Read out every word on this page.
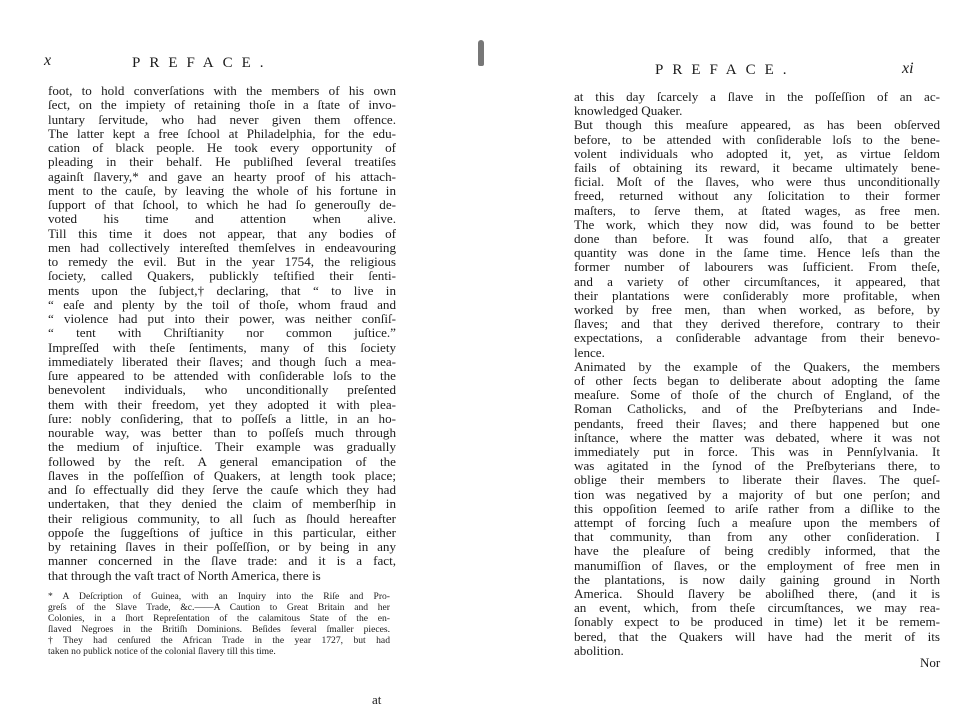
x	PREFACE.
foot, to hold converſations with the members of his own
ſect, on the impiety of retaining thoſe in a ſtate of invo-
luntary ſervitude, who had never given them offence.
The latter kept a free ſchool at Philadelphia, for the edu-
cation of black people. He took every opportunity of
pleading in their behalf. He publiſhed ſeveral treatiſes
againſt ſlavery,* and gave an hearty proof of his attach-
ment to the cauſe, by leaving the whole of his fortune in
ſupport of that ſchool, to which he had ſo generouſly de-
voted his time and attention when alive.
Till this time it does not appear, that any bodies of
men had collectively intereſted themſelves in endeavouring
to remedy the evil. But in the year 1754, the religious
ſociety, called Quakers, publickly teſtified their ſenti-
ments upon the ſubject,† declaring, that “ to live in
“ eaſe and plenty by the toil of thoſe, whom fraud and
“ violence had put into their power, was neither conſiſ-
“ tent with Chriſtianity nor common juſtice.”
Impreſſed with theſe ſentiments, many of this ſociety
immediately liberated their ſlaves; and though ſuch a mea-
ſure appeared to be attended with conſiderable loſs to the
benevolent individuals, who unconditionally preſented
them with their freedom, yet they adopted it with plea-
ſure: nobly conſidering, that to poſſeſs a little, in an ho-
nourable way, was better than to poſſeſs much through
the medium of injuſtice. Their example was gradually
followed by the reſt. A general emancipation of the
ſlaves in the poſſeſſion of Quakers, at length took place;
and ſo effectually did they ſerve the cauſe which they had
undertaken, that they denied the claim of memberſhip in
their religious community, to all ſuch as ſhould hereafter
oppoſe the ſuggeſtions of juſtice in this particular, either
by retaining ſlaves in their poſſeſſion, or by being in any
manner concerned in the ſlave trade: and it is a fact,
that through the vaſt tract of North America, there is
* A Deſcription of Guinea, with an Inquiry into the Riſe and Pro-
greſs of the Slave Trade, &c.——A Caution to Great Britain and her
Colonies, in a ſhort Repreſentation of the calamitous State of the en-
ſlaved Negroes in the Britiſh Dominions. Beſides ſeveral ſmaller pieces.
† They had cenſured the African Trade in the year 1727, but had
taken no publick notice of the colonial ſlavery till this time.
at
PREFACE.	xi
at this day ſcarcely a ſlave in the poſſeſſion of an ac-
knowledged Quaker.
But though this meaſure appeared, as has been obſerved
before, to be attended with conſiderable loſs to the bene-
volent individuals who adopted it, yet, as virtue ſeldom
fails of obtaining its reward, it became ultimately bene-
ficial. Moſt of the ſlaves, who were thus unconditionally
freed, returned without any ſolicitation to their former
maſters, to ſerve them, at ſtated wages, as free men.
The work, which they now did, was found to be better
done than before. It was found alſo, that a greater
quantity was done in the ſame time. Hence leſs than the
former number of labourers was ſufficient. From theſe,
and a variety of other circumſtances, it appeared, that
their plantations were conſiderably more profitable, when
worked by free men, than when worked, as before, by
ſlaves; and that they derived therefore, contrary to their
expectations, a conſiderable advantage from their benevo-
lence.
Animated by the example of the Quakers, the members
of other ſects began to deliberate about adopting the ſame
meaſure. Some of thoſe of the church of England, of the
Roman Catholicks, and of the Preſbyterians and Inde-
pendants, freed their ſlaves; and there happened but one
inſtance, where the matter was debated, where it was not
immediately put in force. This was in Pennſylvania. It
was agitated in the ſynod of the Preſbyterians there, to
oblige their members to liberate their ſlaves. The queſ-
tion was negatived by a majority of but one perſon; and
this oppoſition ſeemed to ariſe rather from a diſlike to the
attempt of forcing ſuch a meaſure upon the members of
that community, than from any other conſideration. I
have the pleaſure of being credibly informed, that the
manumiſſion of ſlaves, or the employment of free men in
the plantations, is now daily gaining ground in North
America. Should ſlavery be aboliſhed there, (and it is
an event, which, from theſe circumſtances, we may rea-
ſonably expect to be produced in time) let it be remem-
bered, that the Quakers will have had the merit of its
abolition.
Nor
